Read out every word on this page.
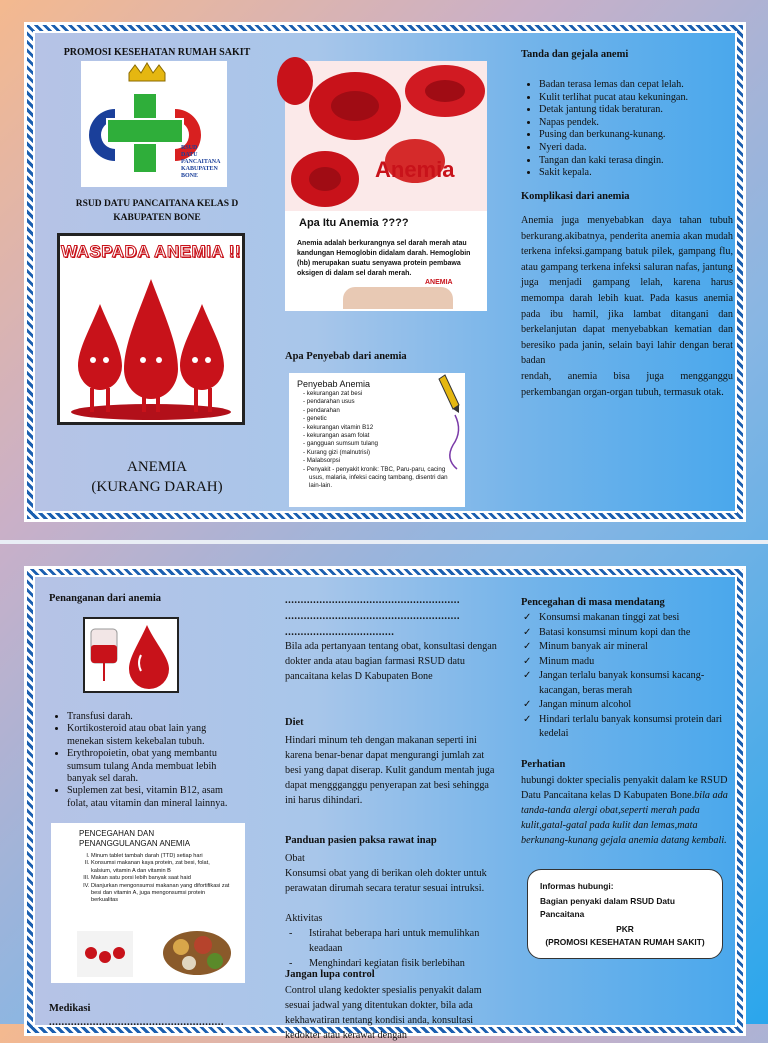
PROMOSI KESEHATAN RUMAH SAKIT
RSUD
DATU PANCAITANA
KABUPATEN BONE
RSUD DATU PANCAITANA KELAS D KABUPATEN BONE
WASPADA ANEMIA !!
ANEMIA
(KURANG DARAH)
Anemia
Apa Itu Anemia ????
Anemia adalah berkurangnya sel darah merah atau kandungan Hemoglobin didalam darah. Hemoglobin (hb) merupakan suatu senyawa protein pembawa oksigen di dalam sel darah merah.
ANEMIA
Apa Penyebab dari anemia
Penyebab Anemia
- kekurangan zat besi
- pendarahan usus
- pendarahan
- genetic
- kekurangan vitamin B12
- kekurangan asam folat
- gangguan sumsum tulang
- Kurang gizi (malnutrisi)
- Malabsorpsi
- Penyakit - penyakit kronik: TBC, Paru-paru, cacing usus, malaria, infeksi cacing tambang, disentri dan lain-lain.
Tanda dan gejala anemi
• Badan terasa lemas dan cepat lelah.
• Kulit terlihat pucat atau kekuningan.
• Detak jantung tidak beraturan.
• Napas pendek.
• Pusing dan berkunang-kunang.
• Nyeri dada.
• Tangan dan kaki terasa dingin.
• Sakit kepala.
Komplikasi dari anemia
Anemia juga menyebabkan daya tahan tubuh berkurang.akibatnya, penderita anemia akan mudah terkena infeksi.gampang batuk pilek, gampang flu, atau gampang terkena infeksi saluran nafas, jantung juga menjadi gampang lelah, karena harus memompa darah lebih kuat. Pada kasus anemia pada ibu hamil, jika lambat ditangani dan berkelanjutan dapat menyebabkan kematian dan beresiko pada janin, selain bayi lahir dengan berat badan
rendah, anemia bisa juga mengganggu perkembangan organ-organ tubuh, termasuk otak.
Penanganan dari anemia
• Transfusi darah.
• Kortikosteroid atau obat lain yang menekan sistem kekebalan tubuh.
• Erythropoietin, obat yang membantu sumsum tulang Anda membuat lebih banyak sel darah.
• Suplemen zat besi, vitamin B12, asam folat, atau vitamin dan mineral lainnya.
PENCEGAHAN DAN PENANGGULANGAN ANEMIA
I. Minum tablet tambah darah (TTD) setiap hari
II. Konsumsi makanan kaya protein, zat besi, folat, kalsium, vitamin A dan vitamin B
III. Makan satu porsi lebih banyak saat haid
IV. Dianjurkan mengonsumsi makanan yang difortifikasi zat besi dan vitamin A, juga mengonsumsi protein berkualitas
Medikasi
........................................................
........................................................
........................................................
...................................
Bila ada pertanyaan tentang obat, konsultasi dengan dokter anda atau bagian farmasi RSUD datu pancaitana kelas D Kabupaten Bone
Diet
Hindari minum teh dengan makanan seperti ini karena benar-benar dapat mengurangi jumlah zat besi yang dapat diserap. Kulit gandum mentah juga dapat menggganggu penyerapan zat besi sehingga ini harus dihindari.
Panduan pasien paksa rawat inap
Obat
Konsumsi obat yang di berikan oleh dokter untuk perawatan dirumah secara teratur sesuai intruksi.
Aktivitas
- Istirahat beberapa hari untuk memulihkan keadaan
- Menghindari kegiatan fisik berlebihan
Jangan lupa control
Control ulang kedokter spesialis penyakit dalam sesuai jadwal yang ditentukan dokter, bila ada kekhawatiran tentang kondisi anda, konsultasi kedokter atau kerawat dengan
Pencegahan di masa mendatang
✓ Konsumsi makanan tinggi zat besi
✓ Batasi konsumsi minum kopi dan the
✓ Minum banyak air mineral
✓ Minum madu
✓ Jangan terlalu banyak konsumsi kacang-kacangan, beras merah
✓ Jangan minum alcohol
✓ Hindari terlalu banyak konsumsi protein dari kedelai
Perhatian
hubungi dokter specialis penyakit dalam ke RSUD Datu Pancaitana kelas D Kabupaten Bone.bila ada tanda-tanda alergi obat,seperti merah pada kulit,gatal-gatal pada kulit dan lemas,mata berkunang-kunang gejala anemia datang kembali.
Informas hubungi:
Bagian penyaki dalam RSUD Datu Pancaitana
PKR
(PROMOSI KESEHATAN RUMAH SAKIT)
